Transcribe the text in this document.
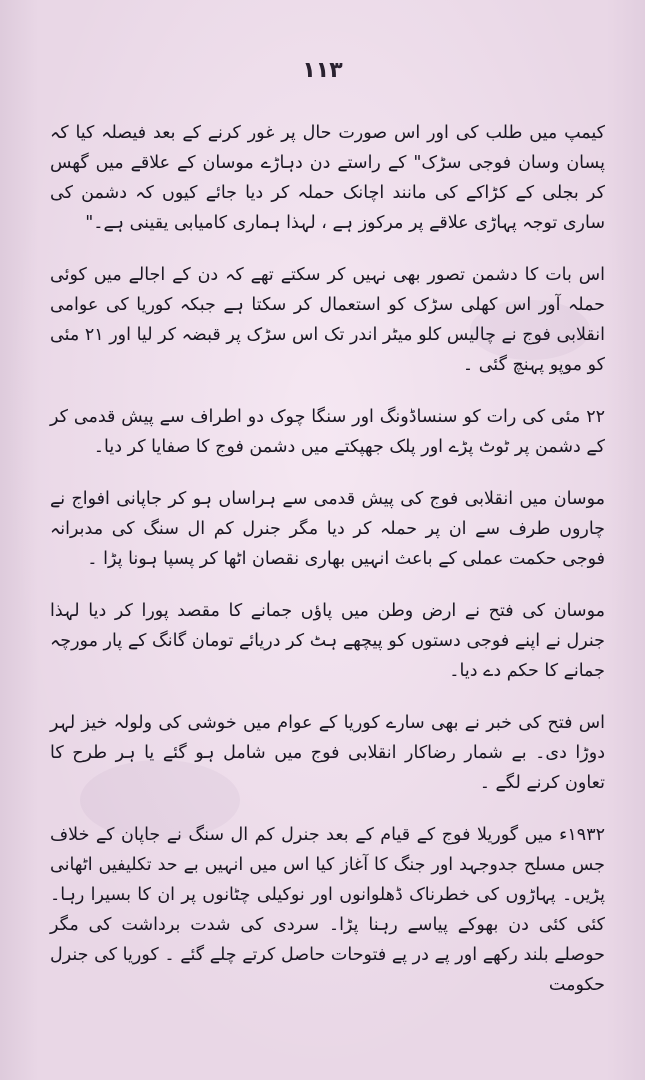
١١٣

کیمپ میں طلب کی اور اس صورت حال پر غور کرنے کے بعد فیصلہ کیا کہ پسان وسان فوجی سڑک" کے راستے دن دہاڑے موسان کے علاقے میں گھس کر بجلی کے کڑاکے کی مانند اچانک حملہ کر دیا جائے کیوں کہ دشمن کی ساری توجہ پہاڑی علاقے پر مرکوز ہے ، لہذا ہماری کامیابی یقینی ہے۔"

اس بات کا دشمن تصور بھی نہیں کر سکتے تھے کہ دن کے اجالے میں کوئی حملہ آور اس کھلی سڑک کو استعمال کر سکتا ہے جبکہ کوریا کی عوامی انقلابی فوج نے چالیس کلو میٹر اندر تک اس سڑک پر قبضہ کر لیا اور ۲۱ مئی کو موپو پہنچ گئی ۔

۲۲ مئی کی رات کو سنساڈونگ اور سنگا چوک دو اطراف سے پیش قدمی کر کے دشمن پر ٹوٹ پڑے اور پلک جھپکتے میں دشمن فوج کا صفایا کر دیا۔

موسان میں انقلابی فوج کی پیش قدمی سے ہراساں ہو کر جاپانی افواج نے چاروں طرف سے ان پر حملہ کر دیا مگر جنرل کم ال سنگ کی مدبرانہ فوجی حکمت عملی کے باعث انہیں بھاری نقصان اٹھا کر پسپا ہونا پڑا ۔

موسان کی فتح نے ارض وطن میں پاؤں جمانے کا مقصد پورا کر دیا لہذا جنرل نے اپنے فوجی دستوں کو پیچھے ہٹ کر دریائے تومان گانگ کے پار مورچہ جمانے کا حکم دے دیا۔

اس فتح کی خبر نے بھی سارے کوریا کے عوام میں خوشی کی ولولہ خیز لہر دوڑا دی۔ بے شمار رضاکار انقلابی فوج میں شامل ہو گئے یا ہر طرح کا تعاون کرنے لگے ۔

۱۹۳۲ء میں گوریلا فوج کے قیام کے بعد جنرل کم ال سنگ نے جاپان کے خلاف جس مسلح جدوجہد اور جنگ کا آغاز کیا اس میں انہیں بے حد تکلیفیں اٹھانی پڑیں۔ پہاڑوں کی خطرناک ڈھلوانوں اور نوکیلی چٹانوں پر ان کا بسیرا رہا۔ کئی کئی دن بھوکے پیاسے رہنا پڑا۔ سردی کی شدت برداشت کی مگر حوصلے بلند رکھے اور پے در پے فتوحات حاصل کرتے چلے گئے ۔ کوریا کی جنرل حکومت
